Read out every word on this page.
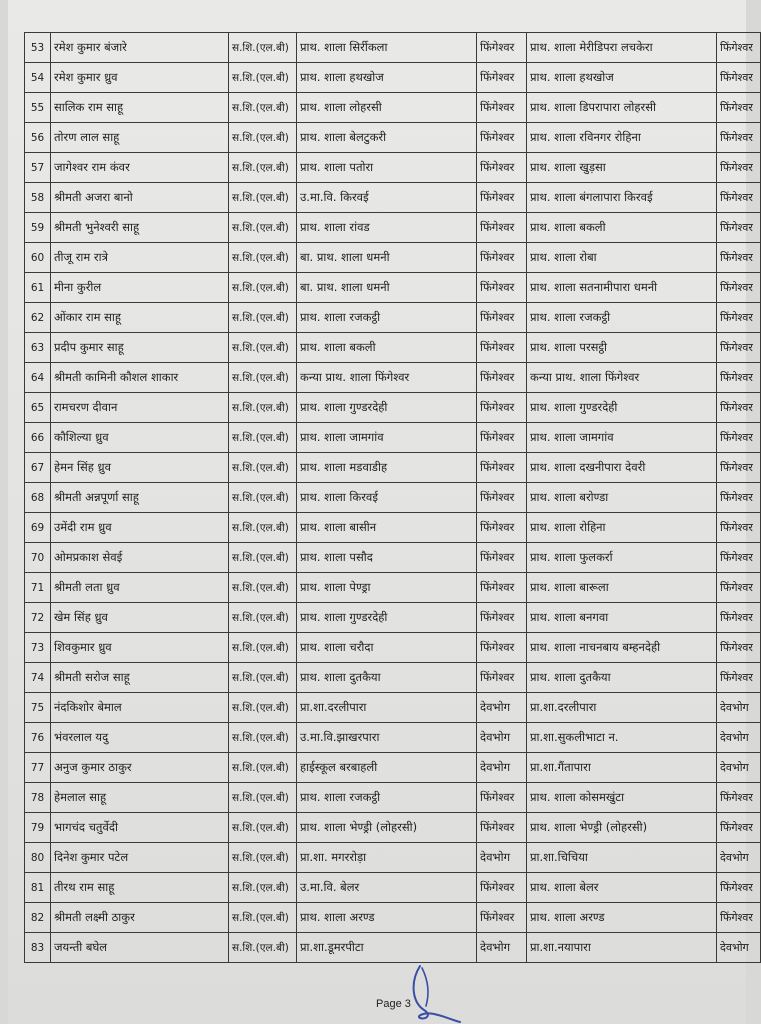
53	रमेश कुमार बंजारे	स.शि.(एल.बी)	प्राथ. शाला सिर्रीकला	फिंगेश्वर	प्राथ. शाला मेरीडिपरा लचकेरा	फिंगेश्वर
54	रमेश कुमार ध्रुव	स.शि.(एल.बी)	प्राथ. शाला हथखोज	फिंगेश्वर	प्राथ. शाला हथखोज	फिंगेश्वर
55	सालिक राम साहू	स.शि.(एल.बी)	प्राथ. शाला लोहरसी	फिंगेश्वर	प्राथ. शाला डिपरापारा लोहरसी	फिंगेश्वर
56	तोरण लाल साहू	स.शि.(एल.बी)	प्राथ. शाला बेलटुकरी	फिंगेश्वर	प्राथ. शाला रविनगर रोहिना	फिंगेश्वर
57	जागेश्वर राम कंवर	स.शि.(एल.बी)	प्राथ. शाला पतोरा	फिंगेश्वर	प्राथ. शाला खुड़सा	फिंगेश्वर
58	श्रीमती अजरा बानो	स.शि.(एल.बी)	उ.मा.वि. किरवई	फिंगेश्वर	प्राथ. शाला बंगलापारा किरवई	फिंगेश्वर
59	श्रीमती भुनेश्वरी साहू	स.शि.(एल.बी)	प्राथ. शाला रांवड	फिंगेश्वर	प्राथ. शाला बकली	फिंगेश्वर
60	तीजू राम रात्रे	स.शि.(एल.बी)	बा. प्राथ. शाला धमनी	फिंगेश्वर	प्राथ. शाला रोबा	फिंगेश्वर
61	मीना कुरील	स.शि.(एल.बी)	बा. प्राथ. शाला धमनी	फिंगेश्वर	प्राथ. शाला सतनामीपारा धमनी	फिंगेश्वर
62	ओंकार राम साहू	स.शि.(एल.बी)	प्राथ. शाला रजकट्ठी	फिंगेश्वर	प्राथ. शाला रजकट्ठी	फिंगेश्वर
63	प्रदीप कुमार साहू	स.शि.(एल.बी)	प्राथ. शाला बकली	फिंगेश्वर	प्राथ. शाला परसट्ठी	फिंगेश्वर
64	श्रीमती कामिनी कौशल शाकार	स.शि.(एल.बी)	कन्या प्राथ. शाला फिंगेश्वर	फिंगेश्वर	कन्या प्राथ. शाला फिंगेश्वर	फिंगेश्वर
65	रामचरण दीवान	स.शि.(एल.बी)	प्राथ. शाला गुण्डरदेही	फिंगेश्वर	प्राथ. शाला गुण्डरदेही	फिंगेश्वर
66	कौशिल्या ध्रुव	स.शि.(एल.बी)	प्राथ. शाला जामगांव	फिंगेश्वर	प्राथ. शाला जामगांव	फिंगेश्वर
67	हेमन सिंह ध्रुव	स.शि.(एल.बी)	प्राथ. शाला मडवाडीह	फिंगेश्वर	प्राथ. शाला दखनीपारा देवरी	फिंगेश्वर
68	श्रीमती अन्नपूर्णा साहू	स.शि.(एल.बी)	प्राथ. शाला किरवई	फिंगेश्वर	प्राथ. शाला बरोण्डा	फिंगेश्वर
69	उमेंदी राम ध्रुव	स.शि.(एल.बी)	प्राथ. शाला बासीन	फिंगेश्वर	प्राथ. शाला रोहिना	फिंगेश्वर
70	ओमप्रकाश सेवई	स.शि.(एल.बी)	प्राथ. शाला पसौद	फिंगेश्वर	प्राथ. शाला फुलकर्रा	फिंगेश्वर
71	श्रीमती लता ध्रुव	स.शि.(एल.बी)	प्राथ. शाला पेण्ड्रा	फिंगेश्वर	प्राथ. शाला बारूला	फिंगेश्वर
72	खेम सिंह ध्रुव	स.शि.(एल.बी)	प्राथ. शाला गुण्डरदेही	फिंगेश्वर	प्राथ. शाला बनगवा	फिंगेश्वर
73	शिवकुमार ध्रुव	स.शि.(एल.बी)	प्राथ. शाला चरौदा	फिंगेश्वर	प्राथ. शाला नाचनबाय बम्हनदेही	फिंगेश्वर
74	श्रीमती सरोज साहू	स.शि.(एल.बी)	प्राथ. शाला दुतकैया	फिंगेश्वर	प्राथ. शाला दुतकैया	फिंगेश्वर
75	नंदकिशोर बेमाल	स.शि.(एल.बी)	प्रा.शा.दरलीपारा	देवभोग	प्रा.शा.दरलीपारा	देवभोग
76	भंवरलाल यदु	स.शि.(एल.बी)	उ.मा.वि.झाखरपारा	देवभोग	प्रा.शा.सुकलीभाटा न.	देवभोग
77	अनुज कुमार ठाकुर	स.शि.(एल.बी)	हाईस्कूल बरबाहली	देवभोग	प्रा.शा.गैंतापारा	देवभोग
78	हेमलाल साहू	स.शि.(एल.बी)	प्राथ. शाला रजकट्ठी	फिंगेश्वर	प्राथ. शाला कोसमखुंटा	फिंगेश्वर
79	भागचंद चतुर्वेदी	स.शि.(एल.बी)	प्राथ. शाला भेण्ड्री (लोहरसी)	फिंगेश्वर	प्राथ. शाला भेण्ड्री (लोहरसी)	फिंगेश्वर
80	दिनेश कुमार पटेल	स.शि.(एल.बी)	प्रा.शा. मगररोड़ा	देवभोग	प्रा.शा.चिचिया	देवभोग
81	तीरथ राम साहू	स.शि.(एल.बी)	उ.मा.वि. बेलर	फिंगेश्वर	प्राथ. शाला बेलर	फिंगेश्वर
82	श्रीमती लक्ष्मी ठाकुर	स.शि.(एल.बी)	प्राथ. शाला अरण्ड	फिंगेश्वर	प्राथ. शाला अरण्ड	फिंगेश्वर
83	जयन्ती बघेल	स.शि.(एल.बी)	प्रा.शा.डूमरपीटा	देवभोग	प्रा.शा.नयापारा	देवभोग
Page 3
